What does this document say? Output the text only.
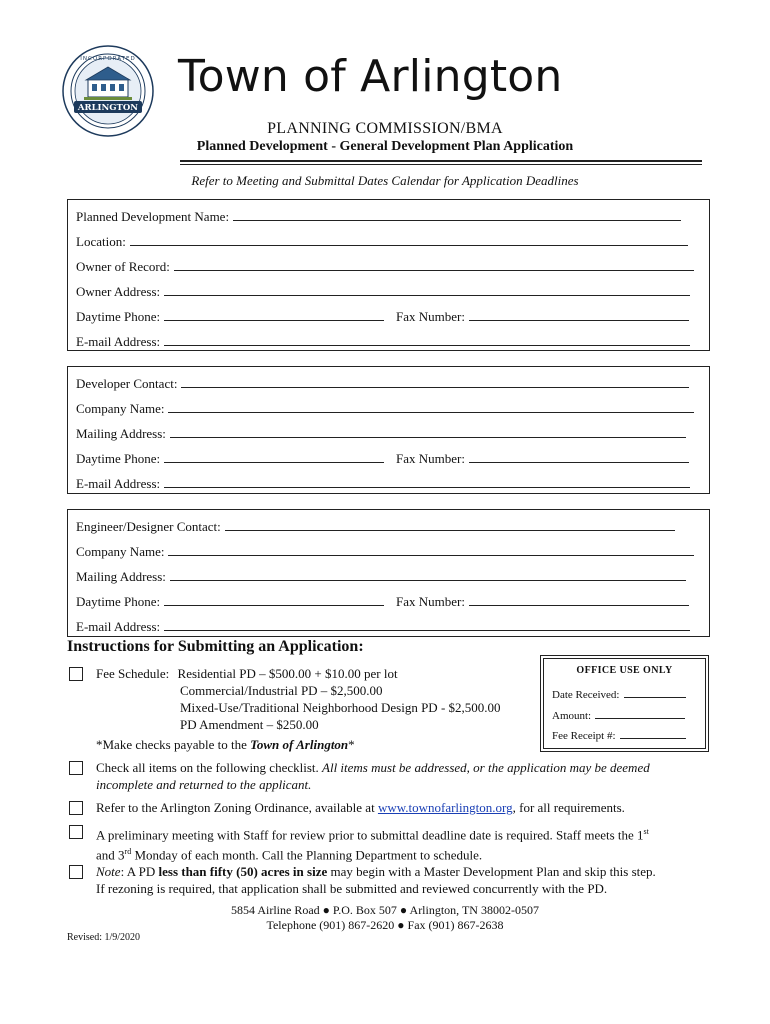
ARLINGTON
INCORPORATED Town of Arlington
PLANNING COMMISSION/BMA
Planned Development - General Development Plan Application
Refer to Meeting and Submittal Dates Calendar for Application Deadlines
Planned Development Name:
Location:
Owner of Record:
Owner Address:
Daytime Phone:	Fax Number:
E-mail Address:
Developer Contact:
Company Name:
Mailing Address:
Daytime Phone:	Fax Number:
E-mail Address:
Engineer/Designer Contact:
Company Name:
Mailing Address:
Daytime Phone:	Fax Number:
E-mail Address:
Instructions for Submitting an Application:
Fee Schedule: Residential PD – $500.00 + $10.00 per lot
Commercial/Industrial PD – $2,500.00
Mixed-Use/Traditional Neighborhood Design PD - $2,500.00
PD Amendment – $250.00
*Make checks payable to the Town of Arlington*
OFFICE USE ONLY
Date Received:
Amount:
Fee Receipt #:
Check all items on the following checklist. All items must be addressed, or the application may be deemed incomplete and returned to the applicant.
Refer to the Arlington Zoning Ordinance, available at www.townofarlington.org, for all requirements.
A preliminary meeting with Staff for review prior to submittal deadline date is required. Staff meets the 1st
and 3rd Monday of each month. Call the Planning Department to schedule.
Note: A PD less than fifty (50) acres in size may begin with a Master Development Plan and skip this step.
If rezoning is required, that application shall be submitted and reviewed concurrently with the PD.
5854 Airline Road ● P.O. Box 507 ● Arlington, TN 38002-0507
Telephone (901) 867-2620 ● Fax (901) 867-2638
Revised: 1/9/2020
